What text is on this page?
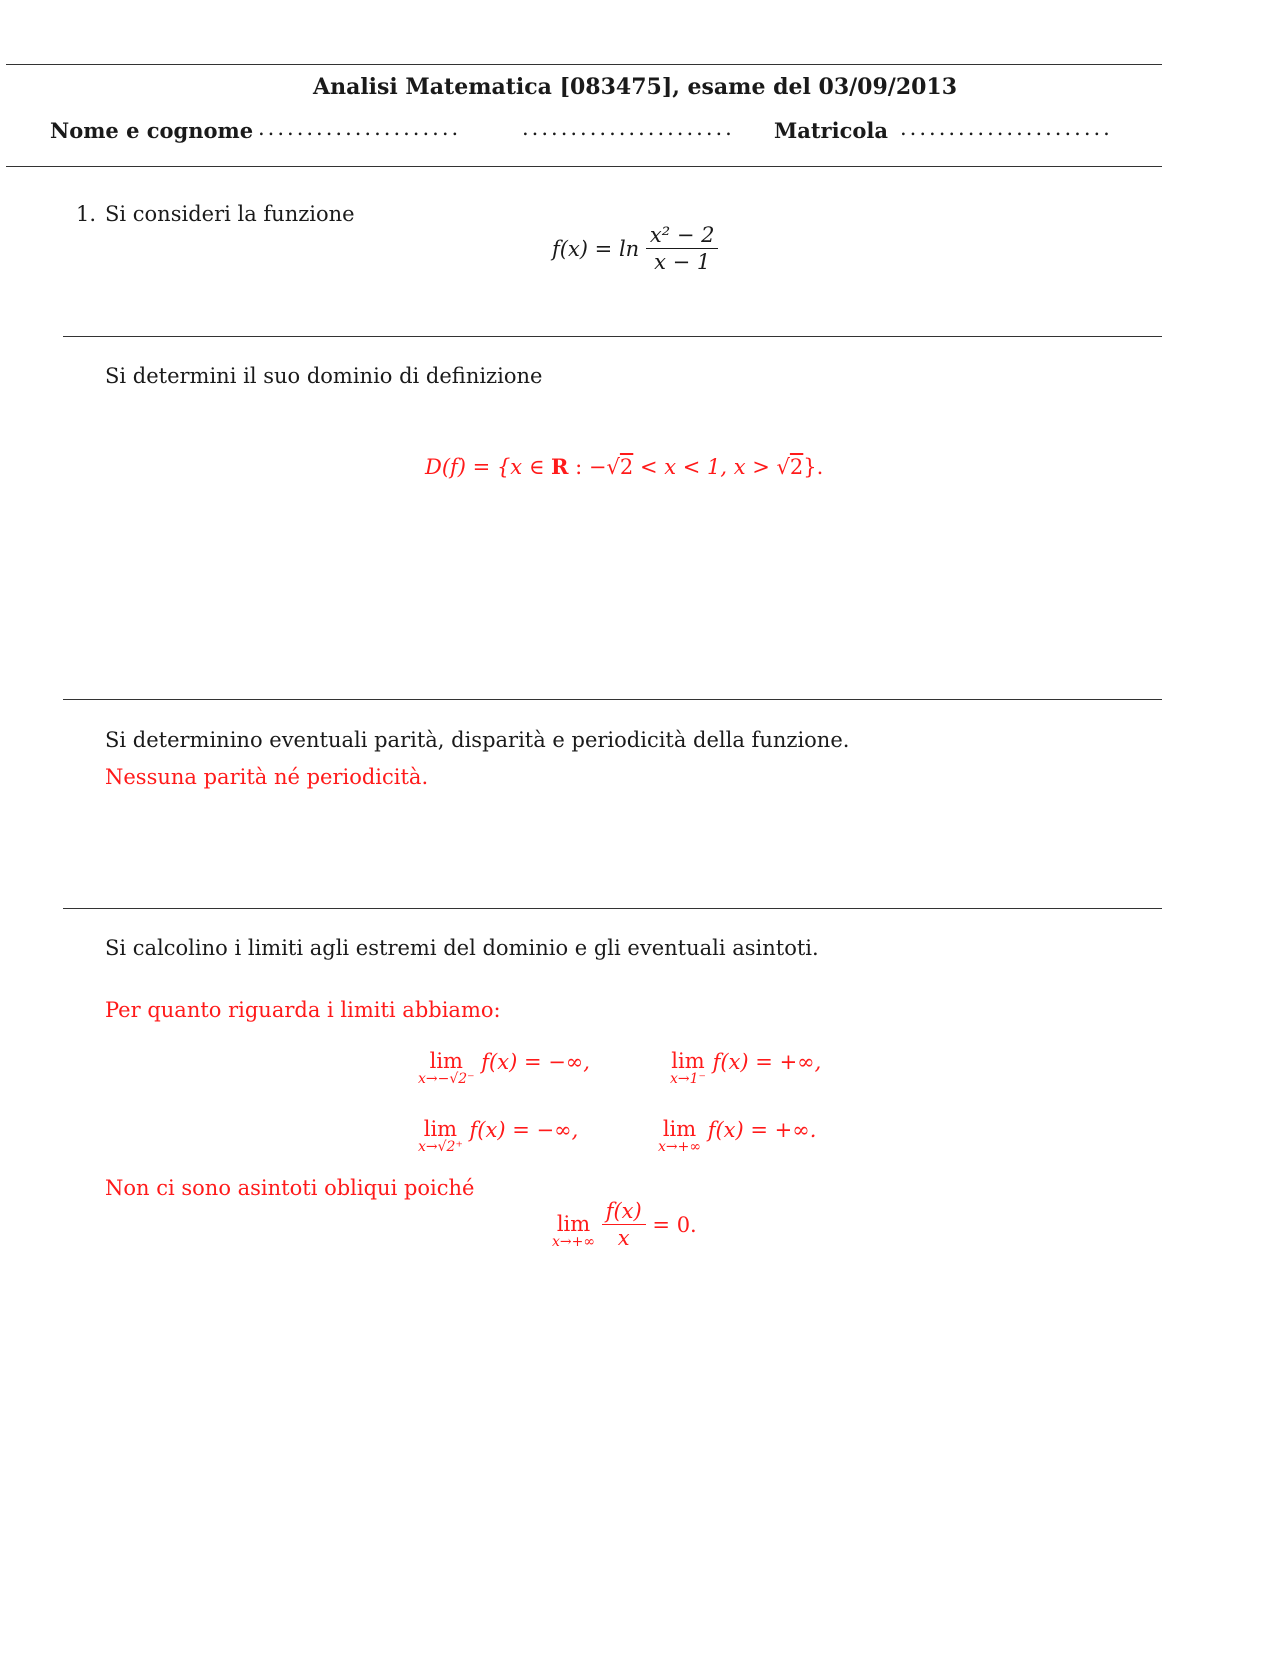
Analisi Matematica [083475], esame del 03/09/2013
Nome e cognome .....................	...................... Matricola ......................
1. Si consideri la funzione
$f(x) = \ln \frac{\text{x² − 2}}{x - 1}$
Si determini il suo dominio di definizione
D(f) = {x ∈ R : −√2 < x < 1, x > √2}.
Si determinino eventuali parità, disparità e periodicità della funzione.
Nessuna parità né periodicità.
Si calcolino i limiti agli estremi del dominio e gli eventuali asintoti.
Per quanto riguarda i limiti abbiamo:
lim
x→−√2⁻
f(x) = −∞,	lim
x→1⁻
f(x) = +∞,
lim
x→√2⁺
f(x) = −∞,	lim
x→+∞
f(x) = +∞.
Non ci sono asintoti obliqui poiché
lim
x→+∞
$\frac{f(x)}{x} = 0$.
